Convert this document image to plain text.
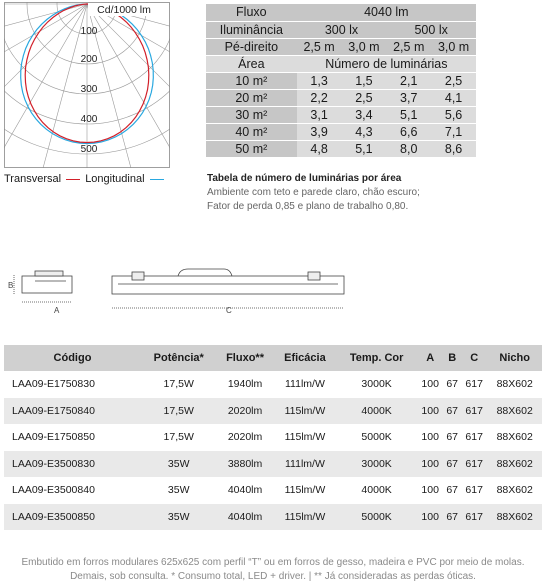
100
200
300
400
500
Cd/1000 lm
Transversal Longitudinal
Fluxo	4040 lm			
Iluminância	300 lx		500 lx	
Pé-direito	2,5 m	3,0 m	2,5 m	3,0 m
Área	Número de luminárias			
10 m²	1,3	1,5	2,1	2,5
20 m²	2,2	2,5	3,7	4,1
30 m²	3,1	3,4	5,1	5,6
40 m²	3,9	4,3	6,6	7,1
50 m²	4,8	5,1	8,0	8,6
Tabela de número de luminárias por área
Ambiente com teto e parede claro, chão escuro;
Fator de perda 0,85 e plano de trabalho 0,80.
B
A	C
Código	Potência*	Fluxo**	Eficácia	Temp. Cor	A	B	C	Nicho
LAA09-E1750830	17,5W	1940lm	111lm/W	3000K	100	67	617	88X602
LAA09-E1750840	17,5W	2020lm	115lm/W	4000K	100	67	617	88X602
LAA09-E1750850	17,5W	2020lm	115lm/W	5000K	100	67	617	88X602
LAA09-E3500830	35W	3880lm	111lm/W	3000K	100	67	617	88X602
LAA09-E3500840	35W	4040lm	115lm/W	4000K	100	67	617	88X602
LAA09-E3500850	35W	4040lm	115lm/W	5000K	100	67	617	88X602
Embutido em forros modulares 625x625 com perfil “T” ou em forros de gesso, madeira e PVC por meio de molas.
Demais, sob consulta. * Consumo total, LED + driver. | ** Já consideradas as perdas óticas.
